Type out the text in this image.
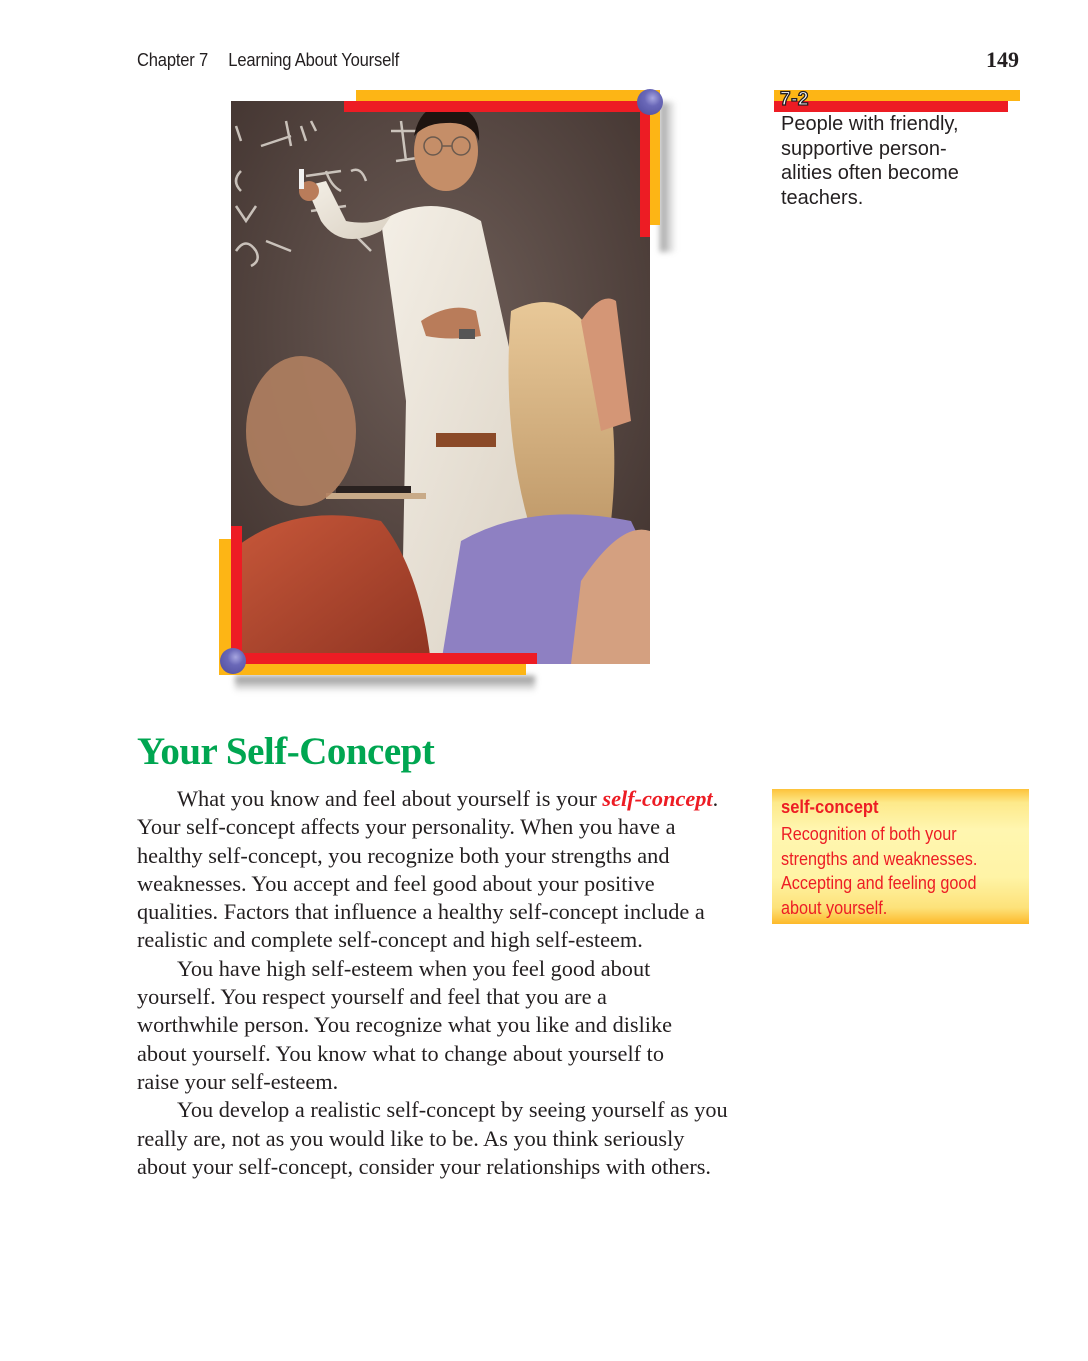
Chapter 7 Learning About Yourself	149
7-2
People with friendly,
supportive person-
alities often become
teachers.
Your Self-Concept
What you know and feel about yourself is your self-concept.
Your self-concept affects your personality. When you have a
healthy self-concept, you recognize both your strengths and
weaknesses. You accept and feel good about your positive
qualities. Factors that influence a healthy self-concept include a
realistic and complete self-concept and high self-esteem.
You have high self-esteem when you feel good about
yourself. You respect yourself and feel that you are a
worthwhile person. You recognize what you like and dislike
about yourself. You know what to change about yourself to
raise your self-esteem.
You develop a realistic self-concept by seeing yourself as you
really are, not as you would like to be. As you think seriously
about your self-concept, consider your relationships with others.
self-concept
Recognition of both your
strengths and weaknesses.
Accepting and feeling good
about yourself.
